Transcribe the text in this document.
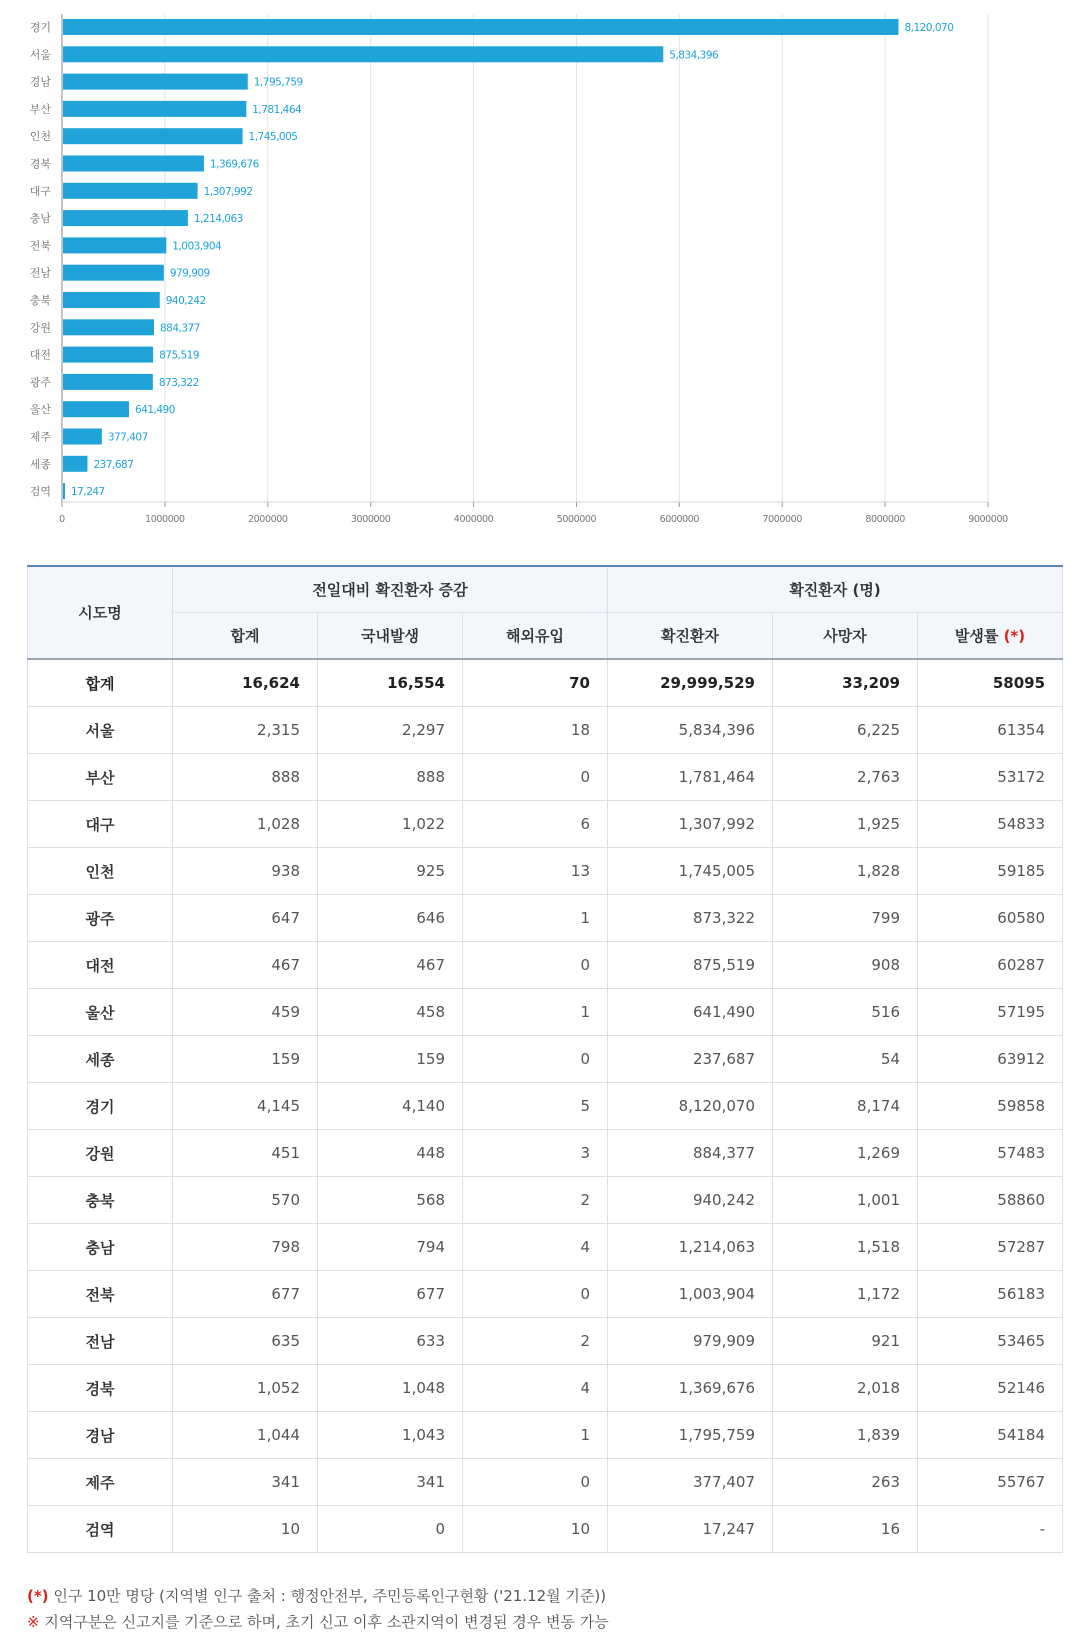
0	1000000	2000000	3000000	4000000	5000000	6000000	7000000	8000000	9000000
경기	8,120,070
서울	5,834,396
경남	1,795,759
부산	1,781,464
인천	1,745,005
경북	1,369,676
대구	1,307,992
충남	1,214,063
전북	1,003,904
전남	979,909
충북	940,242
강원	884,377
대전	875,519
광주	873,322
울산	641,490
제주	377,407
세종	237,687
검역 17,247
시도명	전일대비 확진환자 증감			확진환자 (명)		
	합계	국내발생	해외유입	확진환자	사망자	발생률 (*)
합계	16,624	16,554	70	29,999,529	33,209	58095
서울	2,315	2,297	18	5,834,396	6,225	61354
부산	888	888	0	1,781,464	2,763	53172
대구	1,028	1,022	6	1,307,992	1,925	54833
인천	938	925	13	1,745,005	1,828	59185
광주	647	646	1	873,322	799	60580
대전	467	467	0	875,519	908	60287
울산	459	458	1	641,490	516	57195
세종	159	159	0	237,687	54	63912
경기	4,145	4,140	5	8,120,070	8,174	59858
강원	451	448	3	884,377	1,269	57483
충북	570	568	2	940,242	1,001	58860
충남	798	794	4	1,214,063	1,518	57287
전북	677	677	0	1,003,904	1,172	56183
전남	635	633	2	979,909	921	53465
경북	1,052	1,048	4	1,369,676	2,018	52146
경남	1,044	1,043	1	1,795,759	1,839	54184
제주	341	341	0	377,407	263	55767
검역	10	0	10	17,247	16	-
(*) 인구 10만 명당 (지역별 인구 출처 : 행정안전부, 주민등록인구현황 ('21.12월 기준))
※ 지역구분은 신고지를 기준으로 하며, 초기 신고 이후 소관지역이 변경된 경우 변동 가능
